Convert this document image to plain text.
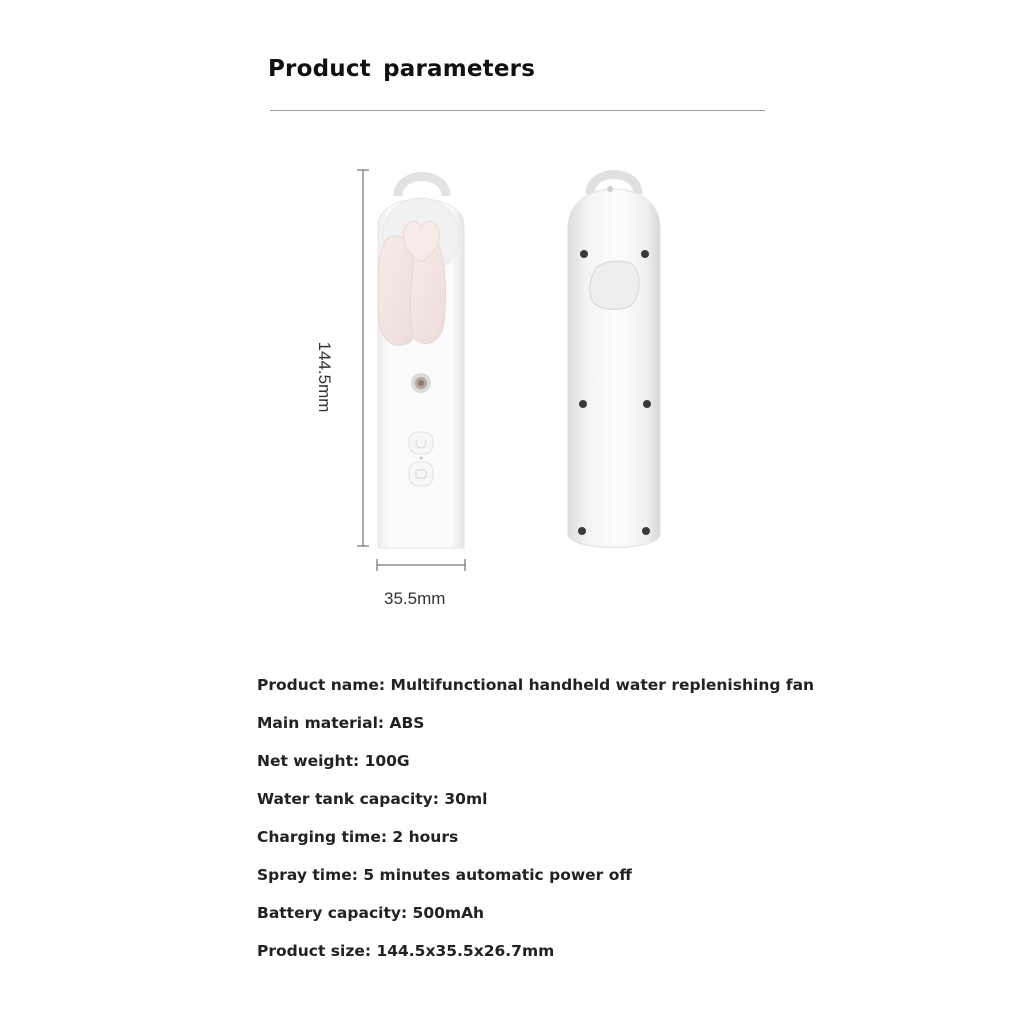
Product parameters
144.5mm
35.5mm
Product name: Multifunctional handheld water replenishing fan
Main material: ABS
Net weight: 100G
Water tank capacity: 30ml
Charging time: 2 hours
Spray time: 5 minutes automatic power off
Battery capacity: 500mAh
Product size: 144.5x35.5x26.7mm
